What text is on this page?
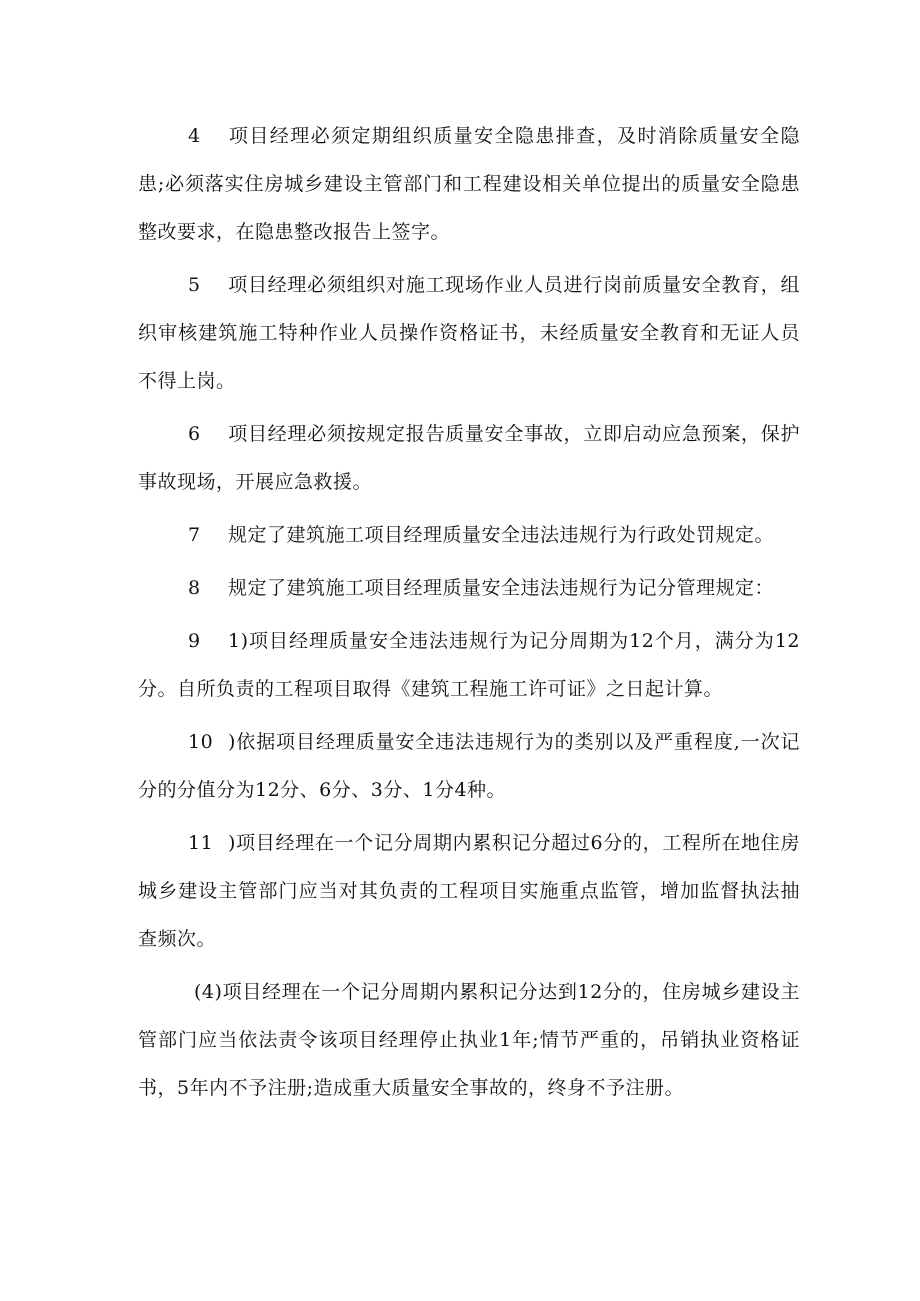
4 项目经理必须定期组织质量安全隐患排查，及时消除质量安全隐患;必须落实住房城乡建设主管部门和工程建设相关单位提出的质量安全隐患整改要求，在隐患整改报告上签字。

5 项目经理必须组织对施工现场作业人员进行岗前质量安全教育，组织审核建筑施工特种作业人员操作资格证书，未经质量安全教育和无证人员不得上岗。

6 项目经理必须按规定报告质量安全事故，立即启动应急预案，保护事故现场，开展应急救援。

7 规定了建筑施工项目经理质量安全违法违规行为行政处罚规定。

8 规定了建筑施工项目经理质量安全违法违规行为记分管理规定：

9 1)项目经理质量安全违法违规行为记分周期为12个月，满分为12分。自所负责的工程项目取得《建筑工程施工许可证》之日起计算。

10 )依据项目经理质量安全违法违规行为的类别以及严重程度,一次记分的分值分为12分、6分、3分、1分4种。

11 )项目经理在一个记分周期内累积记分超过6分的，工程所在地住房城乡建设主管部门应当对其负责的工程项目实施重点监管，增加监督执法抽查频次。

(4)项目经理在一个记分周期内累积记分达到12分的，住房城乡建设主管部门应当依法责令该项目经理停止执业1年;情节严重的，吊销执业资格证书，5年内不予注册;造成重大质量安全事故的，终身不予注册。
